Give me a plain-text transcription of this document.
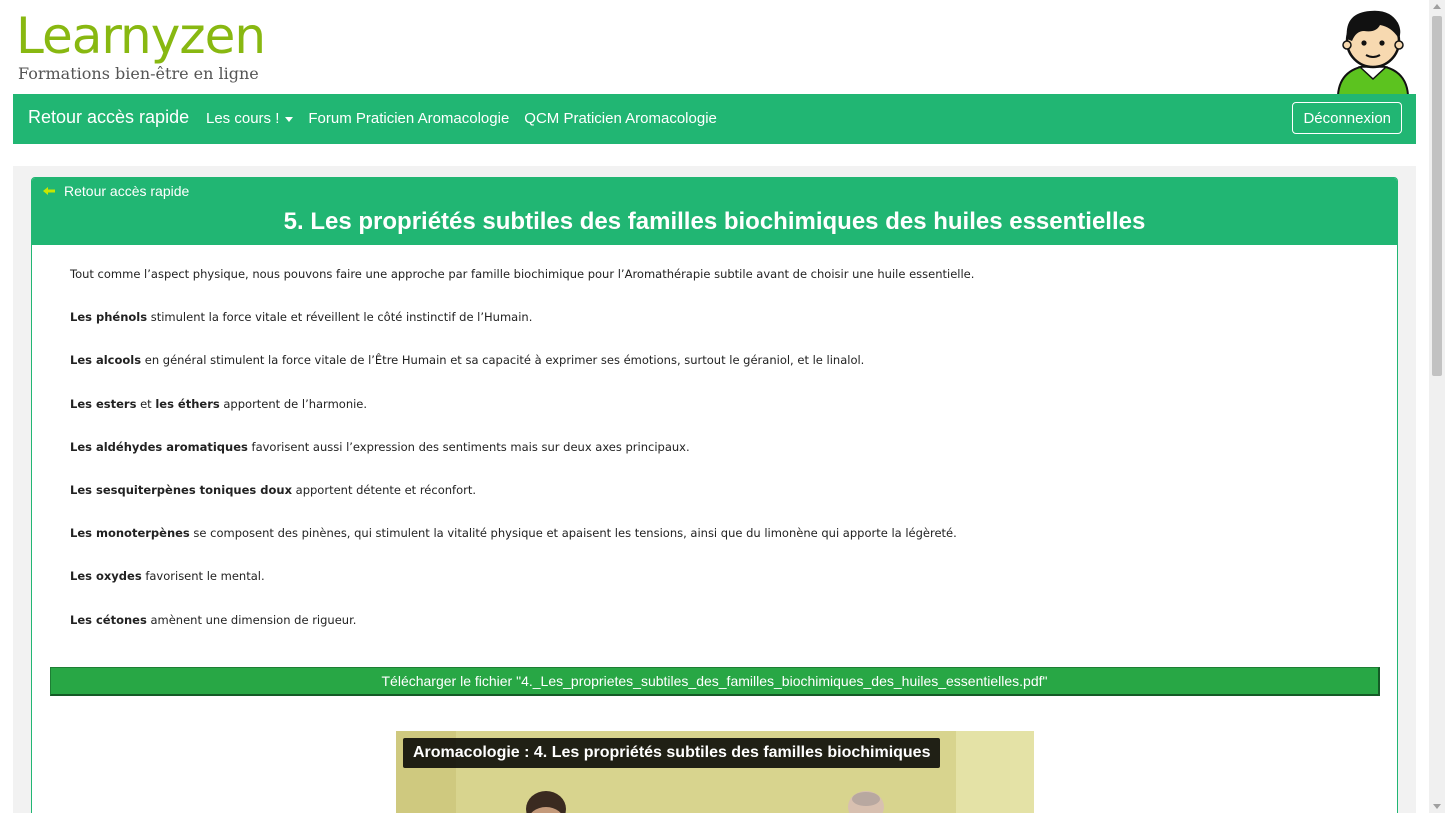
Learnyzen
Formations bien-être en ligne
Retour accès rapide Les cours !	Forum Praticien Aromacologie QCM Praticien Aromacologie	Déconnexion
Retour accès rapide
5. Les propriétés subtiles des familles biochimiques des huiles essentielles

Tout comme l’aspect physique, nous pouvons faire une approche par famille biochimique pour l’Aromathérapie subtile avant de choisir une huile essentielle.

Les phénols stimulent la force vitale et réveillent le côté instinctif de l’Humain.

Les alcools en général stimulent la force vitale de l’Être Humain et sa capacité à exprimer ses émotions, surtout le géraniol, et le linalol.

Les esters et les éthers apportent de l’harmonie.

Les aldéhydes aromatiques favorisent aussi l’expression des sentiments mais sur deux axes principaux.

Les sesquiterpènes toniques doux apportent détente et réconfort.

Les monoterpènes se composent des pinènes, qui stimulent la vitalité physique et apaisent les tensions, ainsi que du limonène qui apporte la légèreté.

Les oxydes favorisent le mental.

Les cétones amènent une dimension de rigueur.

Télécharger le fichier "4._Les_proprietes_subtiles_des_familles_biochimiques_des_huiles_essentielles.pdf"
Aromacologie : 4. Les propriétés subtiles des familles biochimiques
